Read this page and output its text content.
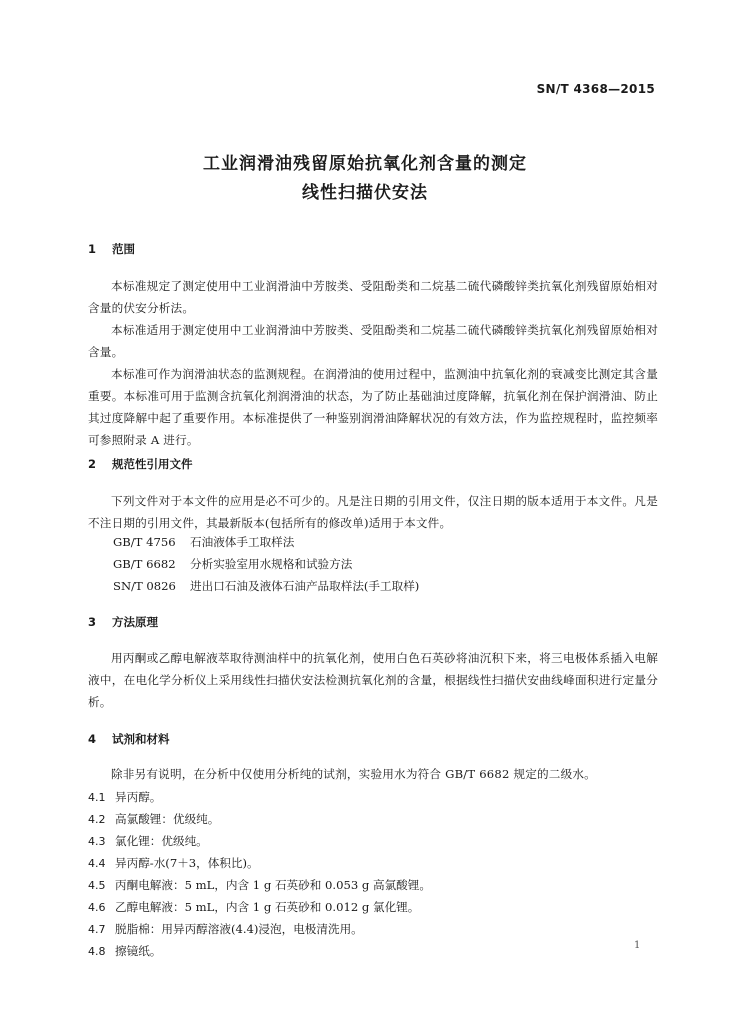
SN/T 4368—2015
工业润滑油残留原始抗氧化剂含量的测定
线性扫描伏安法
1 范围
本标准规定了测定使用中工业润滑油中芳胺类、受阻酚类和二烷基二硫代磷酸锌类抗氧化剂残留原始相对含量的伏安分析法。
本标准适用于测定使用中工业润滑油中芳胺类、受阻酚类和二烷基二硫代磷酸锌类抗氧化剂残留原始相对含量。
本标准可作为润滑油状态的监测规程。在润滑油的使用过程中，监测油中抗氧化剂的衰减变比测定其含量重要。本标准可用于监测含抗氧化剂润滑油的状态，为了防止基础油过度降解，抗氧化剂在保护润滑油、防止其过度降解中起了重要作用。本标准提供了一种鉴别润滑油降解状况的有效方法，作为监控规程时，监控频率可参照附录 A 进行。
2 规范性引用文件
下列文件对于本文件的应用是必不可少的。凡是注日期的引用文件，仅注日期的版本适用于本文件。凡是不注日期的引用文件，其最新版本(包括所有的修改单)适用于本文件。
GB/T 4756 石油液体手工取样法
GB/T 6682 分析实验室用水规格和试验方法
SN/T 0826 进出口石油及液体石油产品取样法(手工取样)
3 方法原理
用丙酮或乙醇电解液萃取待测油样中的抗氧化剂，使用白色石英砂将油沉积下来，将三电极体系插入电解液中，在电化学分析仪上采用线性扫描伏安法检测抗氧化剂的含量，根据线性扫描伏安曲线峰面积进行定量分析。
4 试剂和材料
除非另有说明，在分析中仅使用分析纯的试剂，实验用水为符合 GB/T 6682 规定的二级水。
4.1 异丙醇。
4.2 高氯酸锂：优级纯。
4.3 氯化锂：优级纯。
4.4 异丙醇-水(7＋3，体积比)。
4.5 丙酮电解液：5 mL，内含 1 g 石英砂和 0.053 g 高氯酸锂。
4.6 乙醇电解液：5 mL，内含 1 g 石英砂和 0.012 g 氯化锂。
4.7 脱脂棉：用异丙醇溶液(4.4)浸泡，电极清洗用。
4.8 擦镜纸。	1
